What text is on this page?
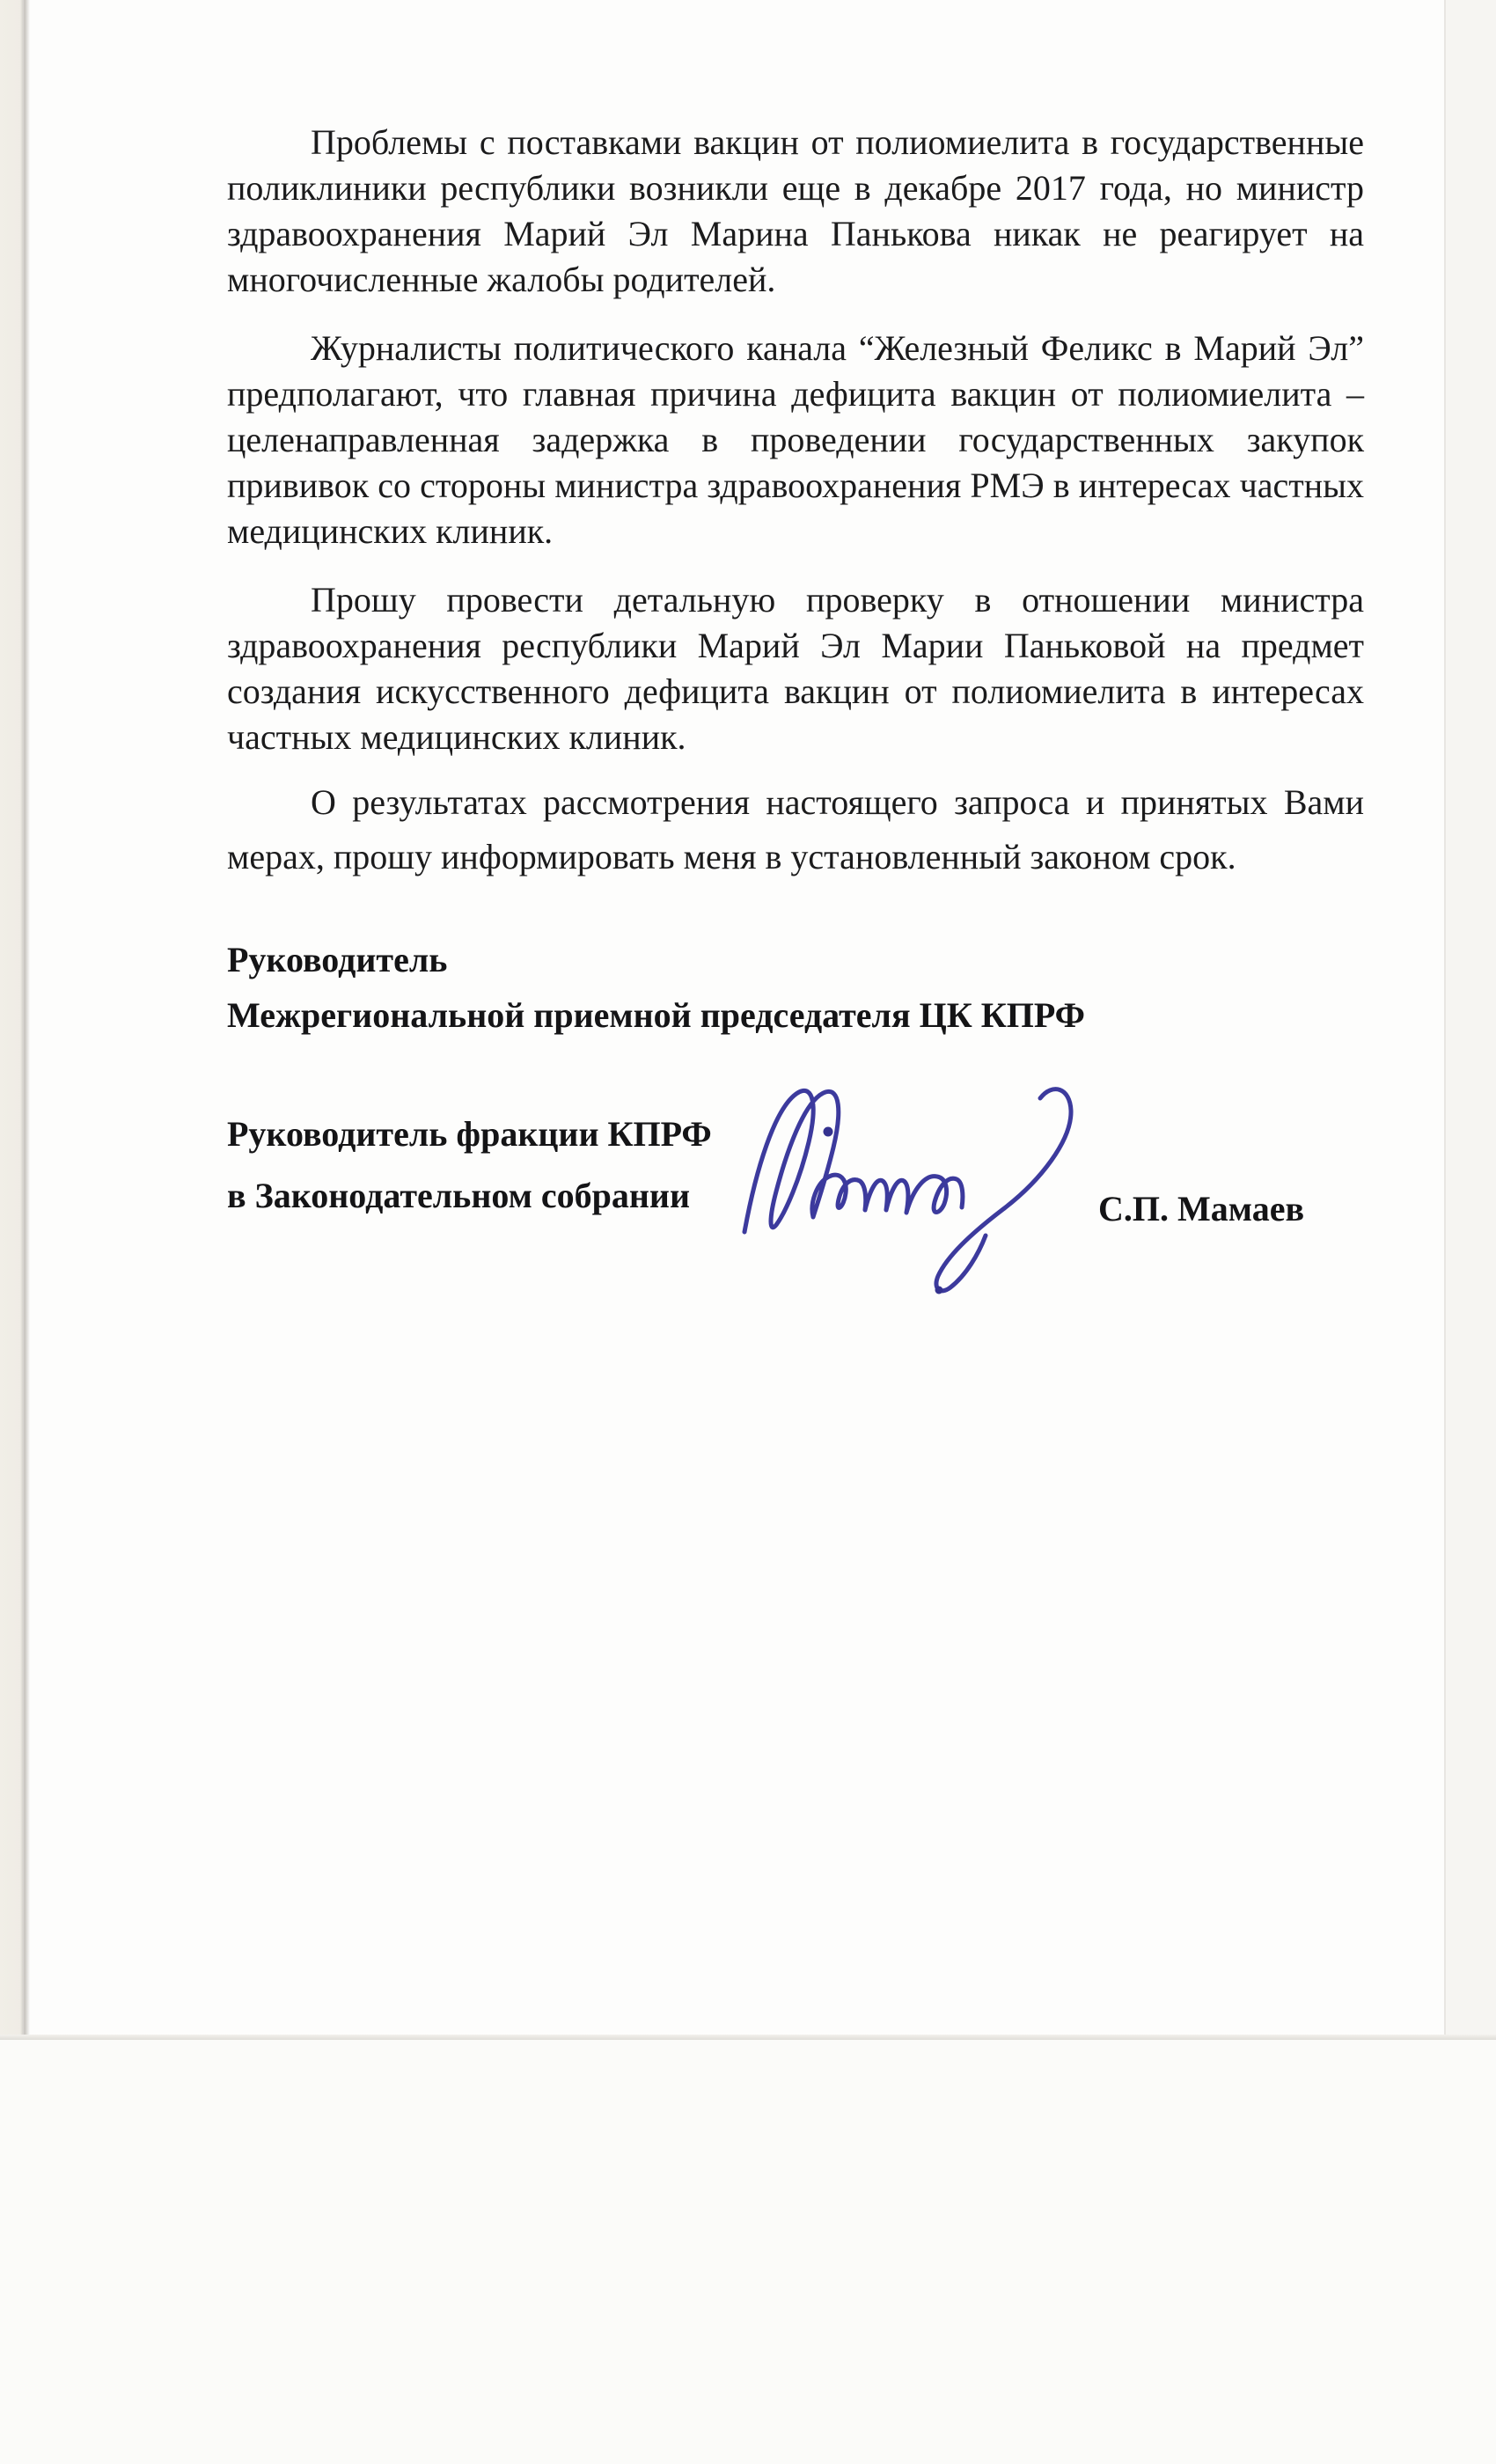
Проблемы с поставками вакцин от полиомиелита в государственные поликлиники республики возникли еще в декабре 2017 года, но министр здравоохранения Марий Эл Марина Панькова никак не реагирует на многочисленные жалобы родителей.

Журналисты политического канала “Железный Феликс в Марий Эл” предполагают, что главная причина дефицита вакцин от полиомиелита – целенаправленная задержка в проведении государственных закупок прививок со стороны министра здравоохранения РМЭ в интересах частных медицинских клиник.

Прошу провести детальную проверку в отношении министра здравоохранения республики Марий Эл Марии Паньковой на предмет создания искусственного дефицита вакцин от полиомиелита в интересах частных медицинских клиник.

О результатах рассмотрения настоящего запроса и принятых Вами мерах, прошу информировать меня в установленный законом срок.

Руководитель
Межрегиональной приемной председателя ЦК КПРФ
Руководитель фракции КПРФ
в Законодательном собрании	С.П. Мамаев
